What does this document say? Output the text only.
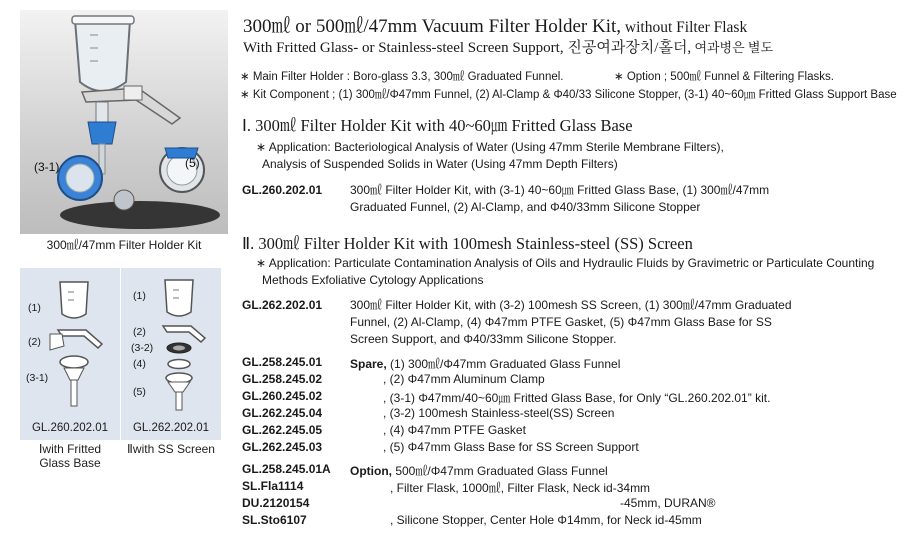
(3-1)	(5)
300㎖/47mm Filter Holder Kit
(1)
(2)
(3-1)
GL.260.202.01
Ⅰwith Fritted
Glass Base
(1)
(2)
(3-2)
(4)
(5)
GL.262.202.01
Ⅱwith SS Screen
300㎖ or 500㎖/47mm Vacuum Filter Holder Kit, without Filter Flask
With Fritted Glass- or Stainless-steel Screen Support, 진공여과장치/홀더, 여과병은 별도
∗ Main Filter Holder : Boro-glass 3.3, 300㎖ Graduated Funnel.	∗ Option ; 500㎖ Funnel & Filtering Flasks.
∗ Kit Component ; (1) 300㎖/Φ47mm Funnel, (2) Al-Clamp & Φ40/33 Silicone Stopper, (3-1) 40~60㎛ Fritted Glass Support Base
Ⅰ. 300㎖ Filter Holder Kit with 40~60㎛ Fritted Glass Base
∗ Application: Bacteriological Analysis of Water (Using 47mm Sterile Membrane Filters),
Analysis of Suspended Solids in Water (Using 47mm Depth Filters)
GL.260.202.01 300㎖ Filter Holder Kit, with (3-1) 40~60㎛ Fritted Glass Base, (1) 300㎖/47mm
Graduated Funnel, (2) Al-Clamp, and Φ40/33mm Silicone Stopper
Ⅱ. 300㎖ Filter Holder Kit with 100mesh Stainless-steel (SS) Screen
∗ Application: Particulate Contamination Analysis of Oils and Hydraulic Fluids by Gravimetric or Particulate Counting
Methods Exfoliative Cytology Applications
GL.262.202.01 300㎖ Filter Holder Kit, with (3-2) 100mesh SS Screen, (1) 300㎖/47mm Graduated
Funnel, (2) Al-Clamp, (4) Φ47mm PTFE Gasket, (5) Φ47mm Glass Base for SS
Screen Support, and Φ40/33mm Silicone Stopper.
GL.258.245.01 Spare, (1) 300㎖/Φ47mm Graduated Glass Funnel
GL.258.245.02	, (2) Φ47mm Aluminum Clamp
GL.260.245.02	, (3-1) Φ47mm/40~60㎛ Fritted Glass Base, for Only “GL.260.202.01” kit.
GL.262.245.04	, (3-2) 100mesh Stainless-steel(SS) Screen
GL.262.245.05	, (4) Φ47mm PTFE Gasket
GL.262.245.03	, (5) Φ47mm Glass Base for SS Screen Support
GL.258.245.01A Option, 500㎖/Φ47mm Graduated Glass Funnel
SL.Fla1114	, Filter Flask, 1000㎖, Filter Flask, Neck id-34mm
DU.2120154	-45mm, DURAN®
SL.Sto6107	, Silicone Stopper, Center Hole Φ14mm, for Neck id-45mm
